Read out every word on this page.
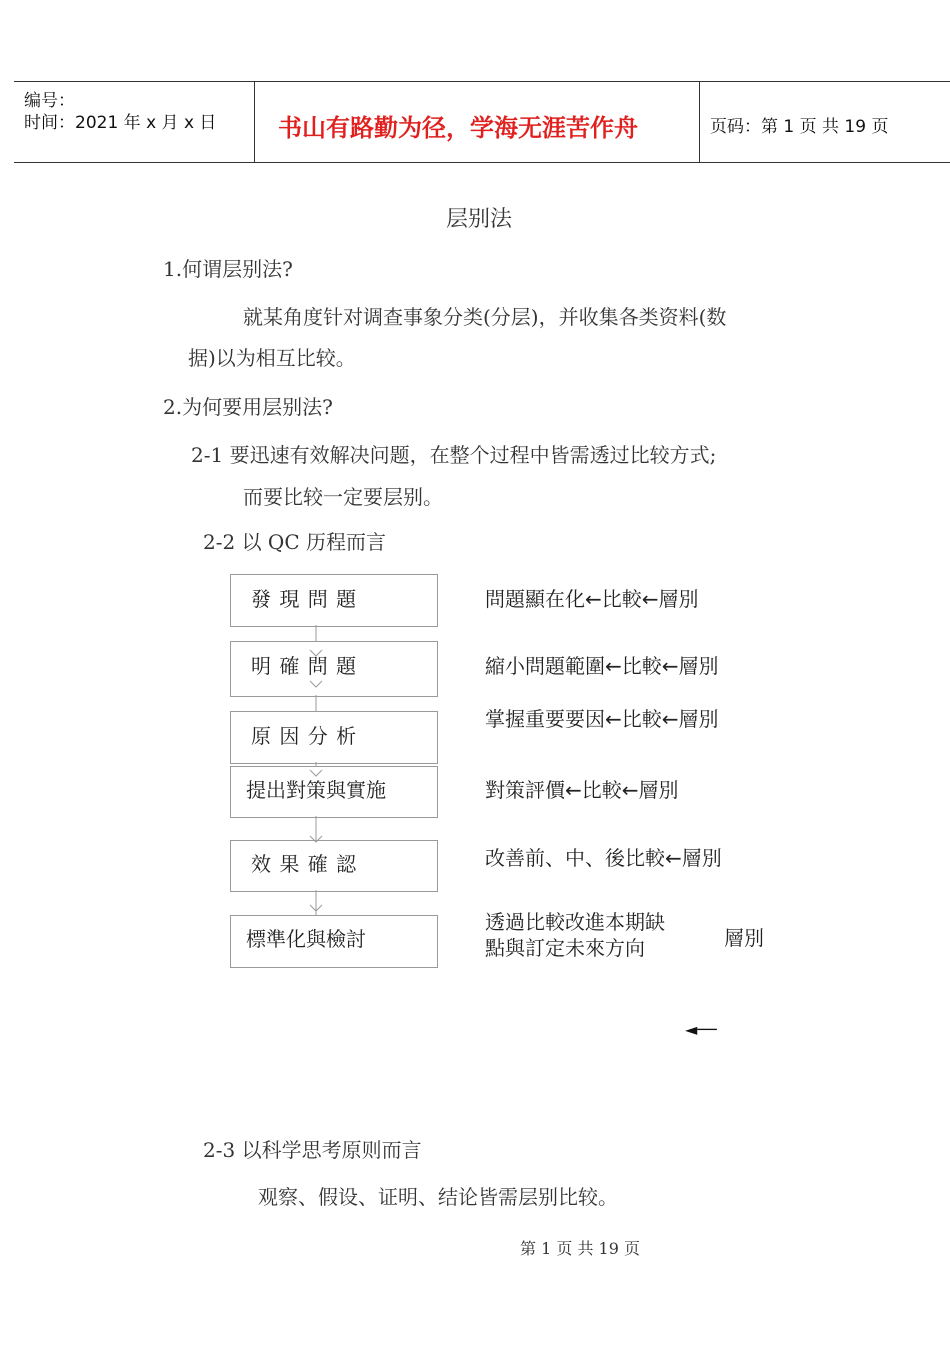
编号：
时间：2021 年 x 月 x 日	书山有路勤为径，学海无涯苦作舟	页码：第 1 页 共 19 页
层别法
1.何谓层别法?
就某角度针对调查事象分类(分层)，并收集各类资料(数
据)以为相互比较。
2.为何要用层别法?
2-1 要迅速有效解决问题，在整个过程中皆需透过比较方式;
而要比较一定要层别。
2-2 以 QC 历程而言
發 現 問 題
明 確 問 題
原 因 分 析
提出對策與實施
效 果 確 認
標準化與檢討
問題顯在化←比較←層別
縮小問題範圍←比較←層別
掌握重要要因←比較←層別
對策評價←比較←層別
改善前、中、後比較←層別
透過比較改進本期缺
點與訂定未來方向	層別
◄──
2-3 以科学思考原则而言
观察、假设、证明、结论皆需层别比较。
第 1 页 共 19 页
